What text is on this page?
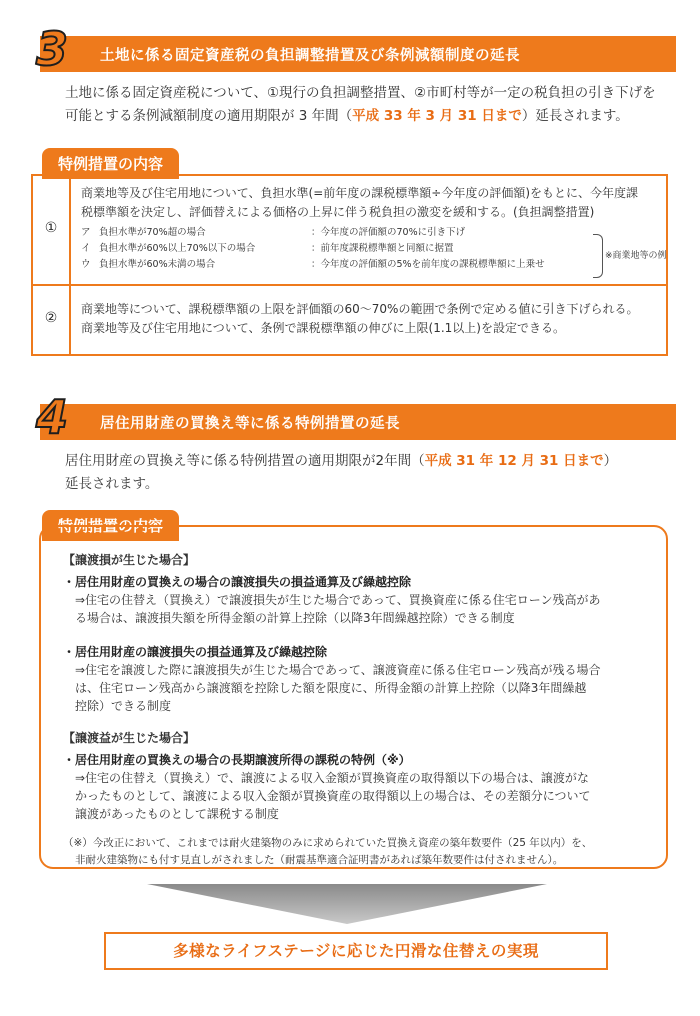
土地に係る固定資産税の負担調整措置及び条例減額制度の延長
3
土地に係る固定資産税について、①現行の負担調整措置、②市町村等が一定の税負担の引き下げを
可能とする条例減額制度の適用期限が 3 年間（平成 33 年 3 月 31 日まで）延長されます。
特例措置の内容
①
商業地等及び住宅用地について、負担水準(=前年度の課税標準額÷今年度の評価額)をもとに、今年度課
税標準額を決定し、評価替えによる価格の上昇に伴う税負担の激変を緩和する。(負担調整措置)
ア 負担水準が70%超の場合	：今年度の評価額の70%に引き下げ
イ 負担水準が60%以上70%以下の場合	：前年度課税標準額と同額に据置
ウ 負担水準が60%未満の場合	：今年度の評価額の5%を前年度の課税標準額に上乗せ
※商業地等の例
②
商業地等について、課税標準額の上限を評価額の60～70%の範囲で条例で定める値に引き下げられる。
商業地等及び住宅用地について、条例で課税標準額の伸びに上限(1.1以上)を設定できる。
居住用財産の買換え等に係る特例措置の延長
4
居住用財産の買換え等に係る特例措置の適用期限が2年間（平成 31 年 12 月 31 日まで）
延長されます。
特例措置の内容
【譲渡損が生じた場合】
・居住用財産の買換えの場合の譲渡損失の損益通算及び繰越控除
⇒住宅の住替え（買換え）で譲渡損失が生じた場合であって、買換資産に係る住宅ローン残高があ
る場合は、譲渡損失額を所得金額の計算上控除（以降3年間繰越控除）できる制度
・居住用財産の譲渡損失の損益通算及び繰越控除
⇒住宅を譲渡した際に譲渡損失が生じた場合であって、譲渡資産に係る住宅ローン残高が残る場合
は、住宅ローン残高から譲渡額を控除した額を限度に、所得金額の計算上控除（以降3年間繰越
控除）できる制度
【譲渡益が生じた場合】
・居住用財産の買換えの場合の長期譲渡所得の課税の特例（※）
⇒住宅の住替え（買換え）で、譲渡による収入金額が買換資産の取得額以下の場合は、譲渡がな
かったものとして、譲渡による収入金額が買換資産の取得額以上の場合は、その差額分について
譲渡があったものとして課税する制度
（※）今改正において、これまでは耐火建築物のみに求められていた買換え資産の築年数要件（25 年以内）を、
非耐火建築物にも付す見直しがされました（耐震基準適合証明書があれば築年数要件は付されません）。
多様なライフステージに応じた円滑な住替えの実現
